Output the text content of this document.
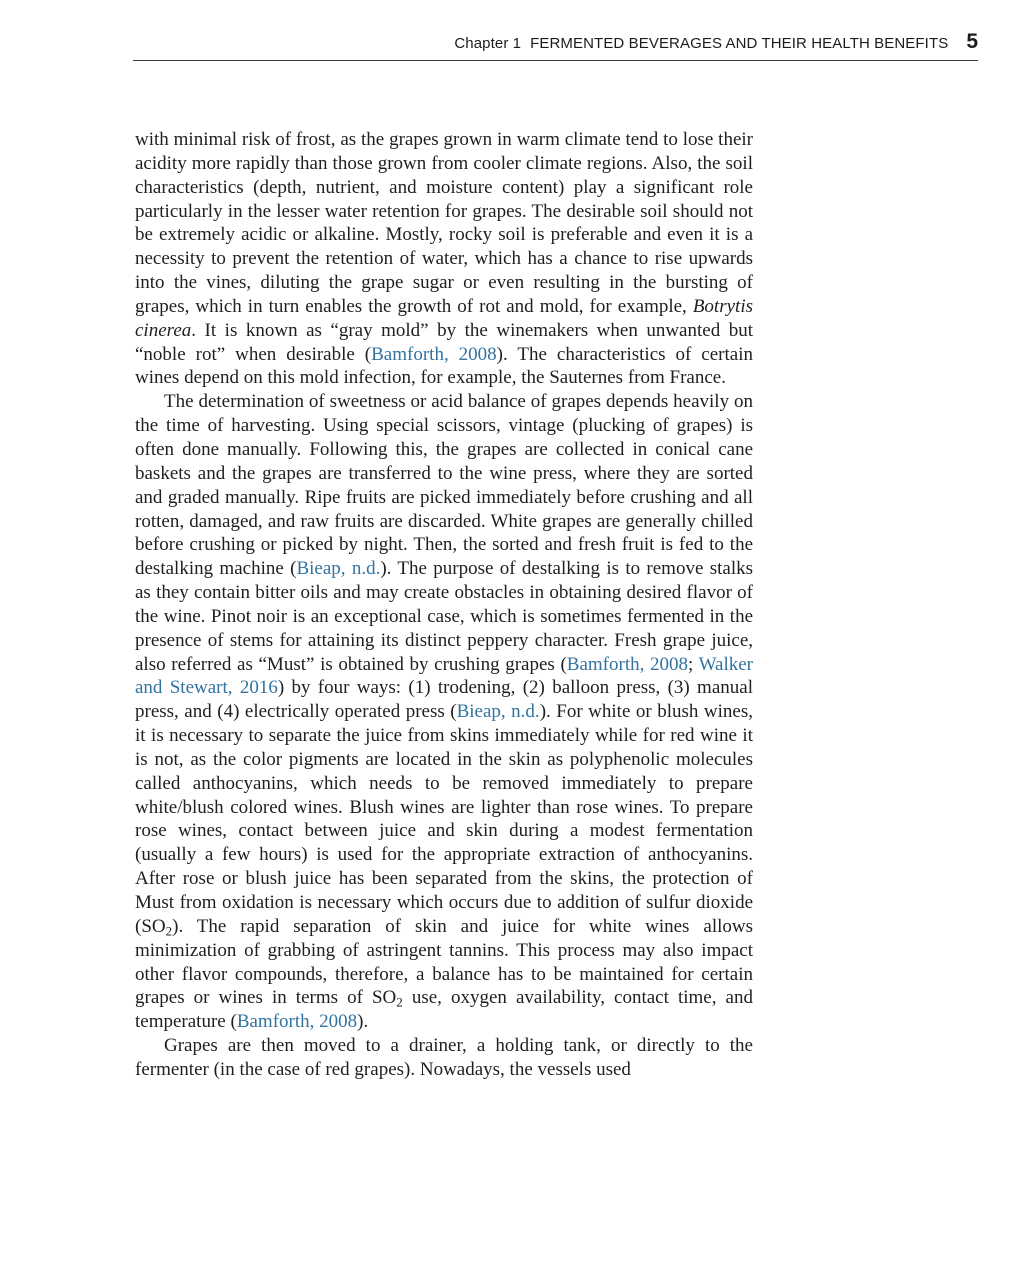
Chapter 1 FERMENTED BEVERAGES AND THEIR HEALTH BENEFITS 5

with minimal risk of frost, as the grapes grown in warm climate tend to lose their acidity more rapidly than those grown from cooler climate regions. Also, the soil characteristics (depth, nutrient, and moisture content) play a significant role particularly in the lesser water retention for grapes. The desirable soil should not be extremely acidic or alkaline. Mostly, rocky soil is preferable and even it is a necessity to prevent the retention of water, which has a chance to rise upwards into the vines, diluting the grape sugar or even resulting in the bursting of grapes, which in turn enables the growth of rot and mold, for example, Botrytis cinerea. It is known as “gray mold” by the winemakers when unwanted but “noble rot” when desirable (Bamforth, 2008). The characteristics of certain wines depend on this mold infection, for example, the Sauternes from France.

The determination of sweetness or acid balance of grapes depends heavily on the time of harvesting. Using special scissors, vintage (plucking of grapes) is often done manually. Following this, the grapes are collected in conical cane baskets and the grapes are transferred to the wine press, where they are sorted and graded manually. Ripe fruits are picked immediately before crushing and all rotten, damaged, and raw fruits are discarded. White grapes are generally chilled before crushing or picked by night. Then, the sorted and fresh fruit is fed to the destalking machine (Bieap, n.d.). The purpose of destalking is to remove stalks as they contain bitter oils and may create obstacles in obtaining desired flavor of the wine. Pinot noir is an exceptional case, which is sometimes fermented in the presence of stems for attaining its distinct peppery character. Fresh grape juice, also referred as “Must” is obtained by crushing grapes (Bamforth, 2008; Walker and Stewart, 2016) by four ways: (1) trodening, (2) balloon press, (3) manual press, and (4) electrically operated press (Bieap, n.d.). For white or blush wines, it is necessary to separate the juice from skins immediately while for red wine it is not, as the color pigments are located in the skin as polyphenolic molecules called anthocyanins, which needs to be removed immediately to prepare white/blush colored wines. Blush wines are lighter than rose wines. To prepare rose wines, contact between juice and skin during a modest fermentation (usually a few hours) is used for the appropriate extraction of anthocyanins. After rose or blush juice has been separated from the skins, the protection of Must from oxidation is necessary which occurs due to addition of sulfur dioxide $(SO_2)$. The rapid separation of skin and juice for white wines allows minimization of grabbing of astringent tannins. This process may also impact other flavor compounds, therefore, a balance has to be maintained for certain grapes or wines in terms of $SO_2$ use, oxygen availability, contact time, and temperature (Bamforth, 2008).

Grapes are then moved to a drainer, a holding tank, or directly to the fermenter (in the case of red grapes). Nowadays, the vessels used
